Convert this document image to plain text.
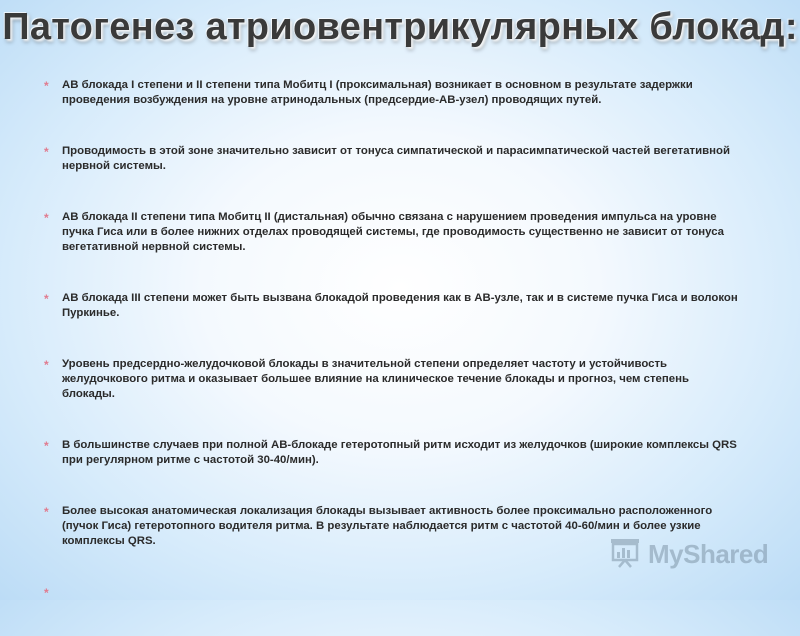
Патогенез атриовентрикулярных блокад:
* АВ блокада I степени и II степени типа Мобитц I (проксимальная) возникает в основном в результате задержки проведения возбуждения на уровне атринодальных (предсердие-АВ-узел) проводящих путей.
* Проводимость в этой зоне значительно зависит от тонуса симпатической и парасимпатической частей вегетативной нервной системы.
* АВ блокада II степени типа Мобитц II (дистальная) обычно связана с нарушением проведения импульса на уровне пучка Гиса или в более нижних отделах проводящей системы, где проводимость существенно не зависит от тонуса вегетативной нервной системы.
* АВ блокада III степени может быть вызвана блокадой проведения как в АВ-узле, так и в системе пучка Гиса и волокон Пуркинье.
* Уровень предсердно-желудочковой блокады в значительной степени определяет частоту и устойчивость желудочкового ритма и оказывает большее влияние на клиническое течение блокады и прогноз, чем степень блокады.
* В большинстве случаев при полной АВ-блокаде гетеротопный ритм исходит из желудочков (широкие комплексы QRS при регулярном ритме с частотой 30-40/мин).
* Более высокая анатомическая локализация блокады вызывает активность более проксимально расположенного (пучок Гиса) гетеротопного водителя ритма. В результате наблюдается ритм с частотой 40-60/мин и более узкие комплексы QRS.
*
MyShared
